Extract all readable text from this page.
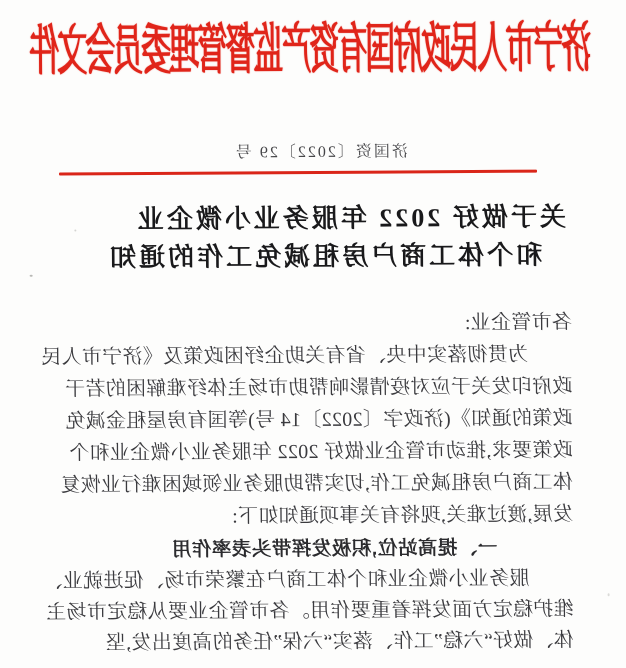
济宁市人民政府国有资产监督管理委员会文件
济国资〔2022〕29 号
关于做好 2022 年服务业小微企业
和个体工商户房租减免工作的通知
各市管企业:
为贯彻落实中央、省有关助企纾困政策及《济宁市人民
政府印发关于应对疫情影响帮助市场主体纾难解困的若干
政策的通知》(济政字〔2022〕14 号)等国有房屋租金减免
政策要求,推动市管企业做好 2022 年服务业小微企业和个
体工商户房租减免工作,切实帮助服务业领域困难行业恢复
发展,渡过难关,现将有关事项通知如下:
一、提高站位,积极发挥带头表率作用
服务业小微企业和个体工商户在繁荣市场、促进就业、
维护稳定方面发挥着重要作用。各市管企业要从稳定市场主
体、做好“六稳”工作、落实“六保”任务的高度出发,坚
